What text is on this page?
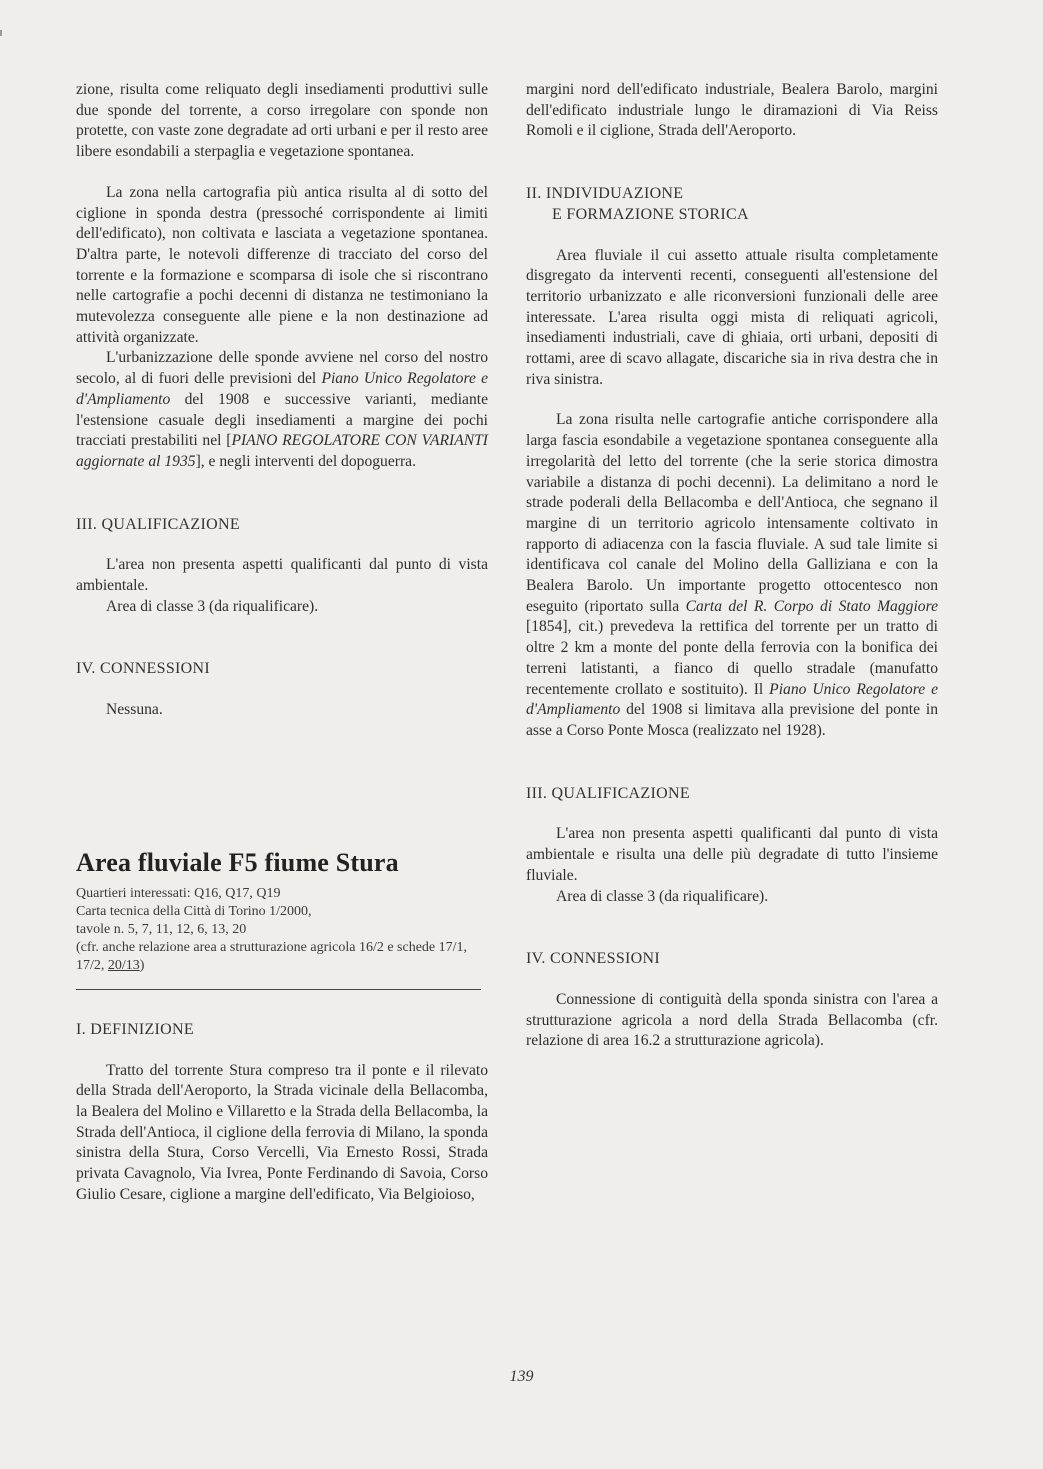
zione, risulta come reliquato degli insediamenti produttivi sulle due sponde del torrente, a corso irregolare con sponde non protette, con vaste zone degradate ad orti urbani e per il resto aree libere esondabili a sterpaglia e vegetazione spontanea.

La zona nella cartografia più antica risulta al di sotto del ciglione in sponda destra (pressoché corrispondente ai limiti dell'edificato), non coltivata e lasciata a vegetazione spontanea. D'altra parte, le notevoli differenze di tracciato del corso del torrente e la formazione e scomparsa di isole che si riscontrano nelle cartografie a pochi decenni di distanza ne testimoniano la mutevolezza conseguente alle piene e la non destinazione ad attività organizzate.

L'urbanizzazione delle sponde avviene nel corso del nostro secolo, al di fuori delle previsioni del Piano Unico Regolatore e d'Ampliamento del 1908 e successive varianti, mediante l'estensione casuale degli insediamenti a margine dei pochi tracciati prestabiliti nel [PIANO REGOLATORE CON VARIANTI aggiornate al 1935], e negli interventi del dopoguerra.

III. QUALIFICAZIONE

L'area non presenta aspetti qualificanti dal punto di vista ambientale.

Area di classe 3 (da riqualificare).

IV. CONNESSIONI

Nessuna.

Area fluviale F5 fiume Stura

Quartieri interessati: Q16, Q17, Q19

Carta tecnica della Città di Torino 1/2000,

tavole n. 5, 7, 11, 12, 6, 13, 20

(cfr. anche relazione area a strutturazione agricola 16/2 e schede 17/1, 17/2, 20/13)

I. DEFINIZIONE

Tratto del torrente Stura compreso tra il ponte e il rilevato della Strada dell'Aeroporto, la Strada vicinale della Bellacomba, la Bealera del Molino e Villaretto e la Strada della Bellacomba, la Strada dell'Antioca, il ciglione della ferrovia di Milano, la sponda sinistra della Stura, Corso Vercelli, Via Ernesto Rossi, Strada privata Cavagnolo, Via Ivrea, Ponte Ferdinando di Savoia, Corso Giulio Cesare, ciglione a margine dell'edificato, Via Belgioioso,

margini nord dell'edificato industriale, Bealera Barolo, margini dell'edificato industriale lungo le diramazioni di Via Reiss Romoli e il ciglione, Strada dell'Aeroporto.

II. INDIVIDUAZIONE
E FORMAZIONE STORICA

Area fluviale il cui assetto attuale risulta completamente disgregato da interventi recenti, conseguenti all'estensione del territorio urbanizzato e alle riconversioni funzionali delle aree interessate. L'area risulta oggi mista di reliquati agricoli, insediamenti industriali, cave di ghiaia, orti urbani, depositi di rottami, aree di scavo allagate, discariche sia in riva destra che in riva sinistra.

La zona risulta nelle cartografie antiche corrispondere alla larga fascia esondabile a vegetazione spontanea conseguente alla irregolarità del letto del torrente (che la serie storica dimostra variabile a distanza di pochi decenni). La delimitano a nord le strade poderali della Bellacomba e dell'Antioca, che segnano il margine di un territorio agricolo intensamente coltivato in rapporto di adiacenza con la fascia fluviale. A sud tale limite si identificava col canale del Molino della Galliziana e con la Bealera Barolo. Un importante progetto ottocentesco non eseguito (riportato sulla Carta del R. Corpo di Stato Maggiore [1854], cit.) prevedeva la rettifica del torrente per un tratto di oltre 2 km a monte del ponte della ferrovia con la bonifica dei terreni latistanti, a fianco di quello stradale (manufatto recentemente crollato e sostituito). Il Piano Unico Regolatore e d'Ampliamento del 1908 si limitava alla previsione del ponte in asse a Corso Ponte Mosca (realizzato nel 1928).

III. QUALIFICAZIONE

L'area non presenta aspetti qualificanti dal punto di vista ambientale e risulta una delle più degradate di tutto l'insieme fluviale.

Area di classe 3 (da riqualificare).

IV. CONNESSIONI

Connessione di contiguità della sponda sinistra con l'area a strutturazione agricola a nord della Strada Bellacomba (cfr. relazione di area 16.2 a strutturazione agricola).

139
